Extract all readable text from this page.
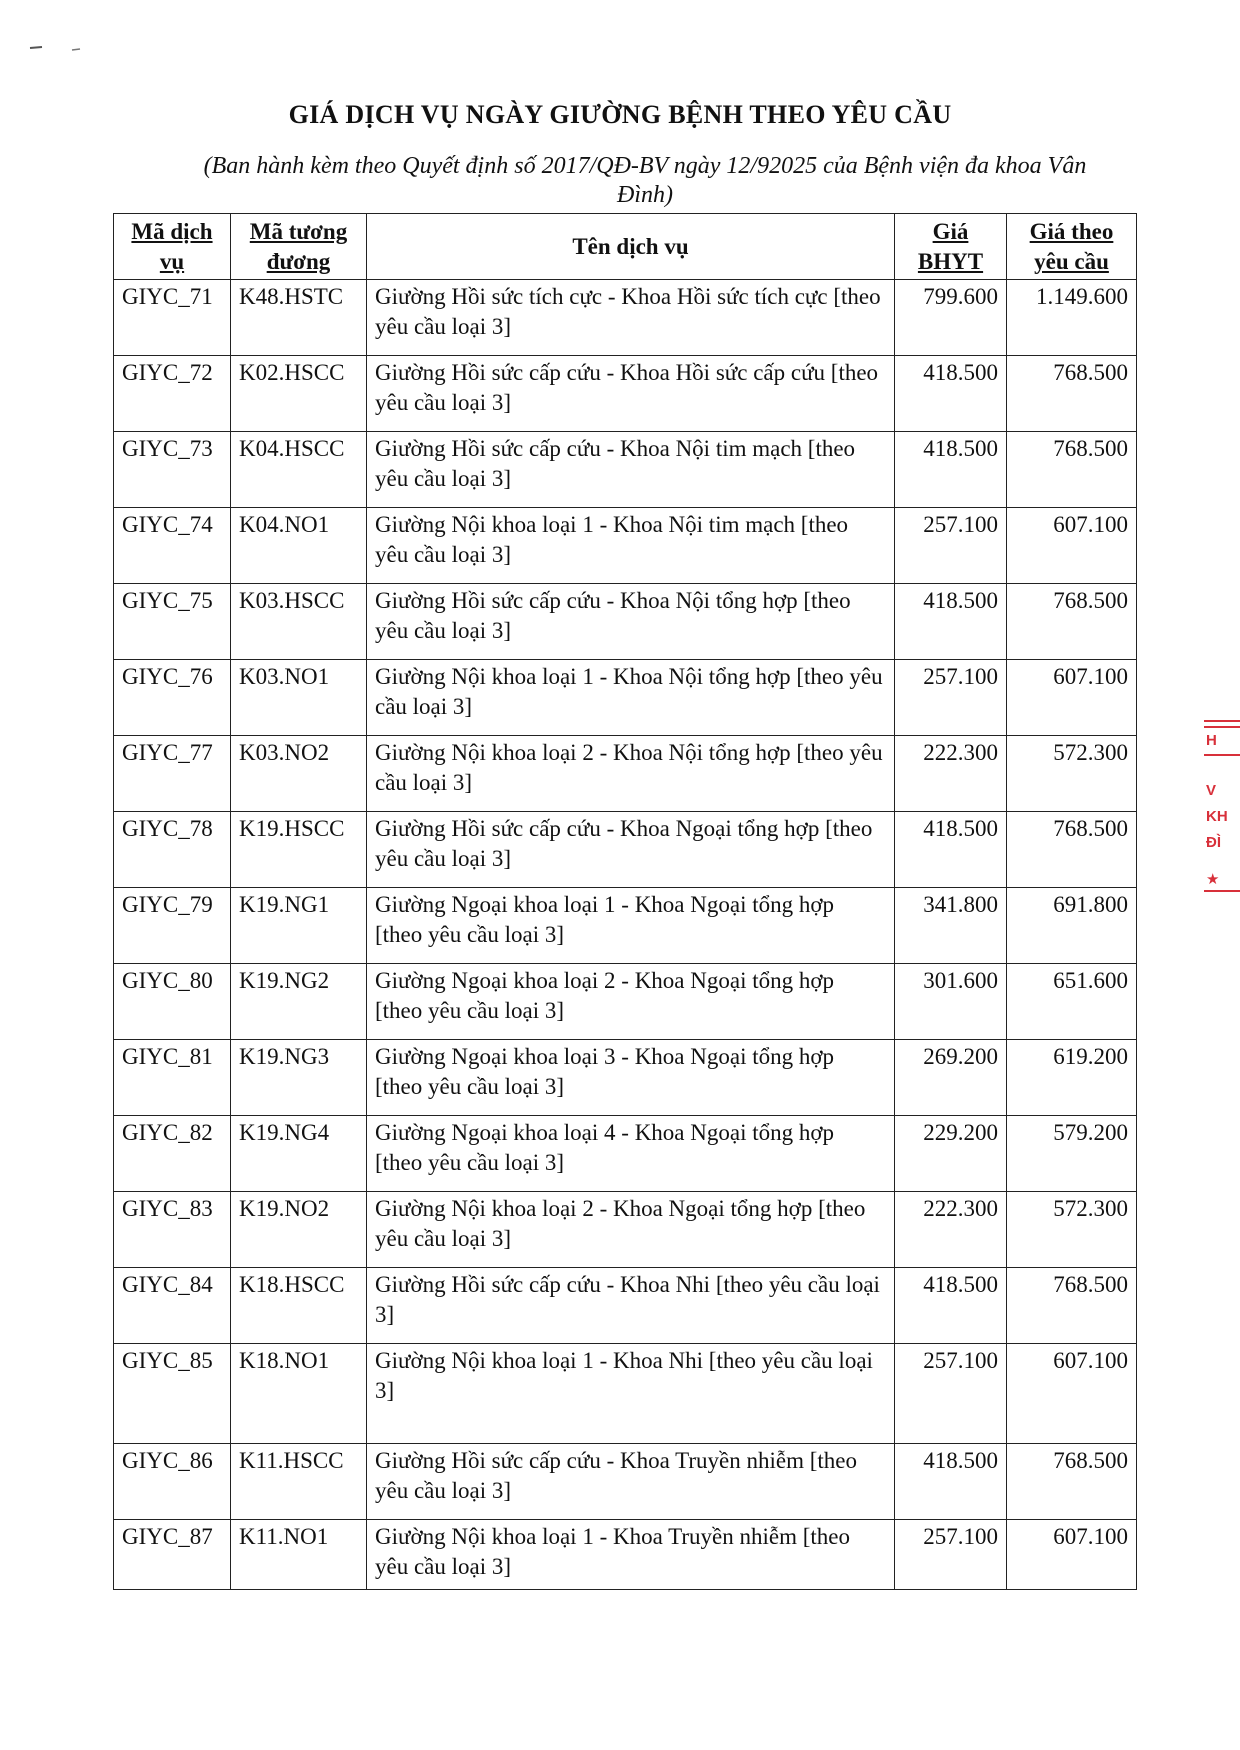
GIÁ DỊCH VỤ NGÀY GIƯỜNG BỆNH THEO YÊU CẦU

(Ban hành kèm theo Quyết định số 2017/QĐ-BV ngày 12/92025 của Bệnh viện đa khoa Vân Đình)

Mã dịch vụ	Mã tương đương	Tên dịch vụ	Giá BHYT	Giá theo yêu cầu
GIYC_71	K48.HSTC	Giường Hồi sức tích cực - Khoa Hồi sức tích cực [theo yêu cầu loại 3]	799.600	1.149.600
GIYC_72	K02.HSCC	Giường Hồi sức cấp cứu - Khoa Hồi sức cấp cứu [theo yêu cầu loại 3]	418.500	768.500
GIYC_73	K04.HSCC	Giường Hồi sức cấp cứu - Khoa Nội tim mạch [theo yêu cầu loại 3]	418.500	768.500
GIYC_74	K04.NO1	Giường Nội khoa loại 1 - Khoa Nội tim mạch [theo yêu cầu loại 3]	257.100	607.100
GIYC_75	K03.HSCC	Giường Hồi sức cấp cứu - Khoa Nội tổng hợp [theo yêu cầu loại 3]	418.500	768.500
GIYC_76	K03.NO1	Giường Nội khoa loại 1 - Khoa Nội tổng hợp [theo yêu cầu loại 3]	257.100	607.100
GIYC_77	K03.NO2	Giường Nội khoa loại 2 - Khoa Nội tổng hợp [theo yêu cầu loại 3]	222.300	572.300
GIYC_78	K19.HSCC	Giường Hồi sức cấp cứu - Khoa Ngoại tổng hợp [theo yêu cầu loại 3]	418.500	768.500
GIYC_79	K19.NG1	Giường Ngoại khoa loại 1 - Khoa Ngoại tổng hợp [theo yêu cầu loại 3]	341.800	691.800
GIYC_80	K19.NG2	Giường Ngoại khoa loại 2 - Khoa Ngoại tổng hợp [theo yêu cầu loại 3]	301.600	651.600
GIYC_81	K19.NG3	Giường Ngoại khoa loại 3 - Khoa Ngoại tổng hợp [theo yêu cầu loại 3]	269.200	619.200
GIYC_82	K19.NG4	Giường Ngoại khoa loại 4 - Khoa Ngoại tổng hợp [theo yêu cầu loại 3]	229.200	579.200
GIYC_83	K19.NO2	Giường Nội khoa loại 2 - Khoa Ngoại tổng hợp [theo yêu cầu loại 3]	222.300	572.300
GIYC_84	K18.HSCC	Giường Hồi sức cấp cứu - Khoa Nhi [theo yêu cầu loại 3]	418.500	768.500
GIYC_85	K18.NO1	Giường Nội khoa loại 1 - Khoa Nhi [theo yêu cầu loại 3]	257.100	607.100
GIYC_86	K11.HSCC	Giường Hồi sức cấp cứu - Khoa Truyền nhiễm [theo yêu cầu loại 3]	418.500	768.500
GIYC_87	K11.NO1	Giường Nội khoa loại 1 - Khoa Truyền nhiễm [theo yêu cầu loại 3]	257.100	607.100
H
V
KH
ĐÌ
★
